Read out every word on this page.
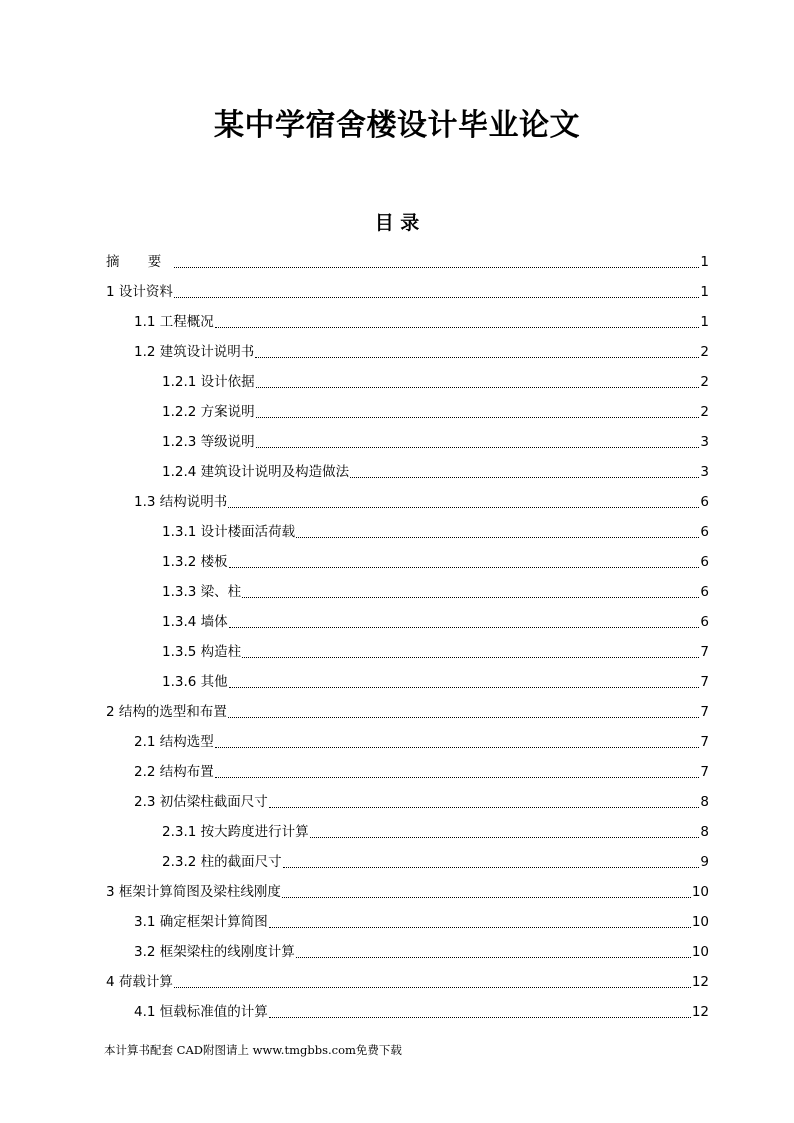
某中学宿舍楼设计毕业论文
目 录
摘 要	1
1 设计资料	1
1.1 工程概况	1
1.2 建筑设计说明书	2
1.2.1 设计依据	2
1.2.2 方案说明	2
1.2.3 等级说明	3
1.2.4 建筑设计说明及构造做法	3
1.3 结构说明书	6
1.3.1 设计楼面活荷载	6
1.3.2 楼板	6
1.3.3 梁、柱	6
1.3.4 墙体	6
1.3.5 构造柱	7
1.3.6 其他	7
2 结构的选型和布置	7
2.1 结构选型	7
2.2 结构布置	7
2.3 初估梁柱截面尺寸	8
2.3.1 按大跨度进行计算	8
2.3.2 柱的截面尺寸	9
3 框架计算简图及梁柱线刚度	10
3.1 确定框架计算简图	10
3.2 框架梁柱的线刚度计算	10
4 荷载计算	12
4.1 恒载标准值的计算	12
本计算书配套 CAD附图请上 www.tmgbbs.com免费下载
